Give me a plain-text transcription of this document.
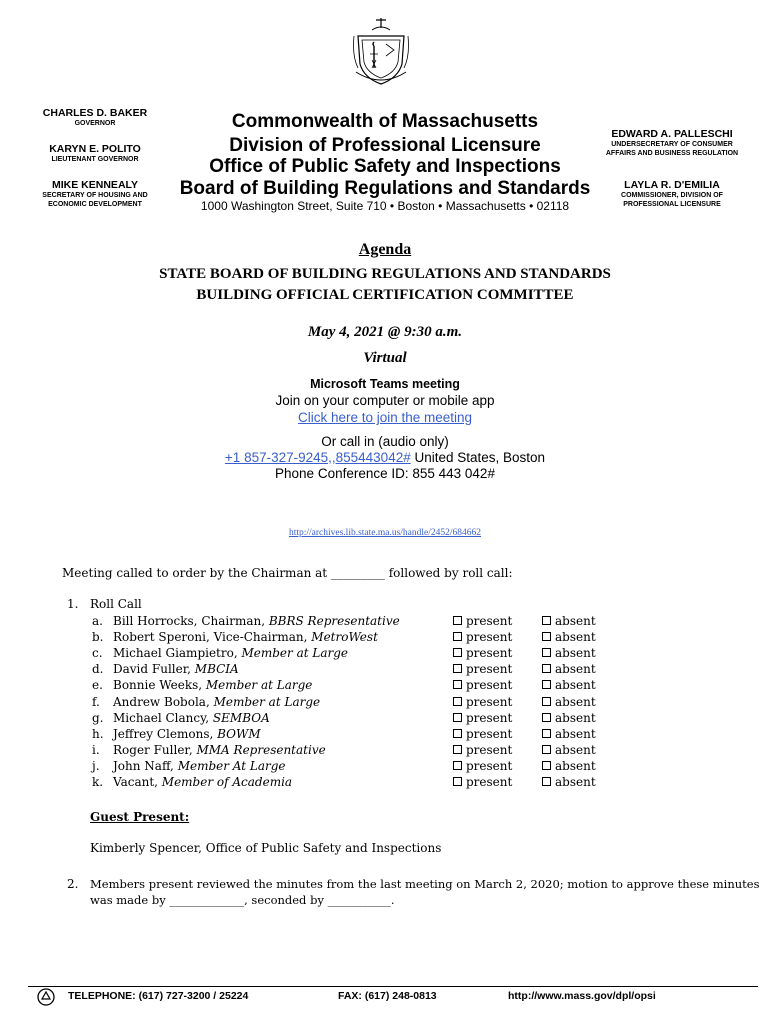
CHARLES D. BAKER
GOVERNOR
KARYN E. POLITO
LIEUTENANT GOVERNOR
MIKE KENNEALY
SECRETARY OF HOUSING AND ECONOMIC DEVELOPMENT
Commonwealth of Massachusetts
Division of Professional Licensure
Office of Public Safety and Inspections
Board of Building Regulations and Standards
1000 Washington Street, Suite 710 • Boston • Massachusetts • 02118
EDWARD A. PALLESCHI
UNDERSECRETARY OF CONSUMER AFFAIRS AND BUSINESS REGULATION
LAYLA R. D'EMILIA
COMMISSIONER, DIVISION OF PROFESSIONAL LICENSURE
Agenda
STATE BOARD OF BUILDING REGULATIONS AND STANDARDS
BUILDING OFFICIAL CERTIFICATION COMMITTEE
May 4, 2021 @ 9:30 a.m.
Virtual
Microsoft Teams meeting
Join on your computer or mobile app
Click here to join the meeting
Or call in (audio only)
+1 857-327-9245,,855443042# United States, Boston
Phone Conference ID: 855 443 042#
http://archives.lib.state.ma.us/handle/2452/684662
Meeting called to order by the Chairman at _________ followed by roll call:
1. Roll Call
a. Bill Horrocks, Chairman, BBRS Representative	present	absent
b. Robert Speroni, Vice-Chairman, MetroWest	present	absent
c. Michael Giampietro, Member at Large	present	absent
d. David Fuller, MBCIA	present	absent
e. Bonnie Weeks, Member at Large	present	absent
f.	Andrew Bobola, Member at Large	present	absent
g. Michael Clancy, SEMBOA	present	absent
h. Jeffrey Clemons, BOWM	present	absent
i.	Roger Fuller, MMA Representative	present	absent
j.	John Naff, Member At Large	present	absent
k. Vacant, Member of Academia	present	absent
Guest Present:
Kimberly Spencer, Office of Public Safety and Inspections
2. Members present reviewed the minutes from the last meeting on March 2, 2020; motion to approve these minutes
was made by _____________, seconded by ___________.
TELEPHONE: (617) 727-3200 / 25224	FAX: (617) 248-0813	http://www.mass.gov/dpl/opsi
